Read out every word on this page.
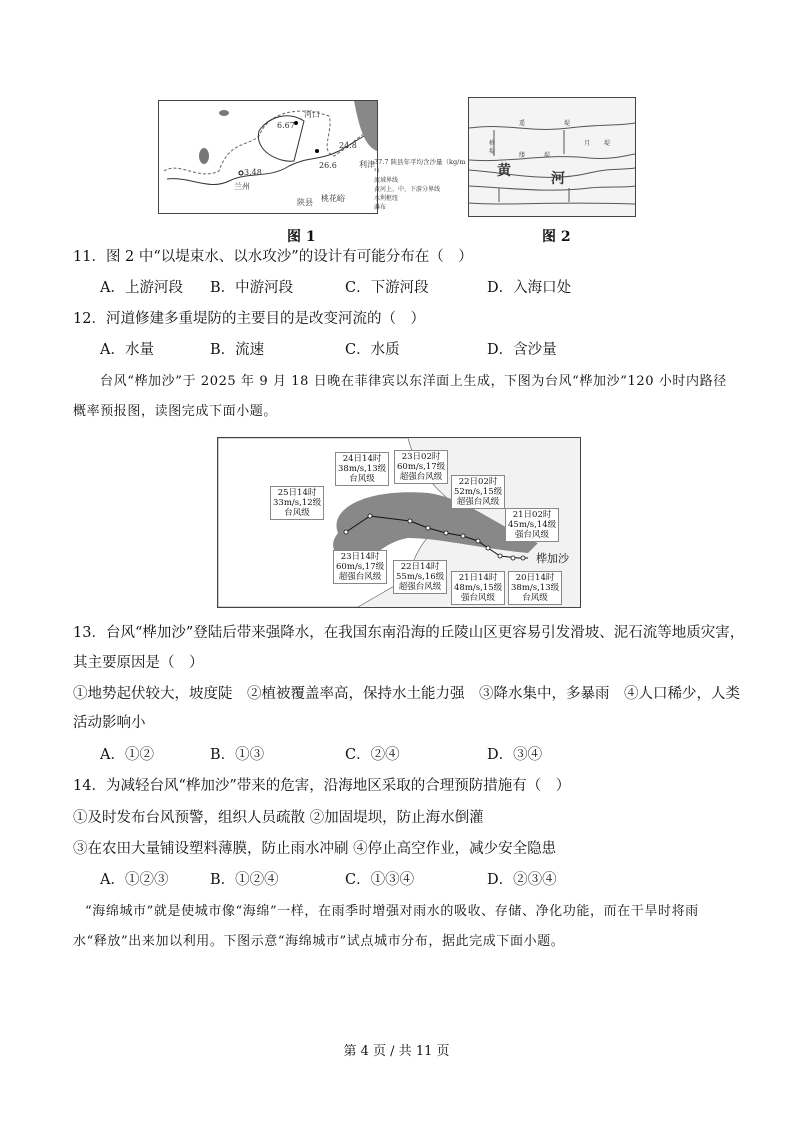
6.67
3.48
24.8
26.6
桃花峪
陕县
兰州
利津
河口
37.7 陕县年平均含沙量（kg/m³）
流域界线
黄河上、中、下游分界线
水利枢纽
瀑布
图 1
黄	河
遥	堤
格
堤
缕	堤
月 堤
图 2
11．图 2 中“以堤束水、以水攻沙”的设计有可能分布在（　）
A．上游河段 B．中游河段	C．下游河段	D．入海口处
12．河道修建多重堤防的主要目的是改变河流的（　）
A．水量	B．流速	C．水质	D．含沙量
台风“桦加沙”于 2025 年 9 月 18 日晚在菲律宾以东洋面上生成，下图为台风“桦加沙”120 小时内路径
概率预报图，读图完成下面小题。
24日14时
38m/s,13级
台风级
23日02时
60m/s,17级
超强台风级
25日14时
33m/s,12级
台风级
22日02时
52m/s,15级
超强台风级
21日02时
45m/s,14级
强台风级
23日14时
60m/s,17级
超强台风级
22日14时
55m/s,16级
超强台风级
21日14时
48m/s,15级
强台风级
20日14时
38m/s,13级
台风级
桦加沙
13．台风“桦加沙”登陆后带来强降水，在我国东南沿海的丘陵山区更容易引发滑坡、泥石流等地质灾害，
其主要原因是（　）
①地势起伏较大，坡度陡　②植被覆盖率高，保持水土能力强　③降水集中，多暴雨　④人口稀少，人类
活动影响小
A．①②	B．①③	C．②④	D．③④
14．为减轻台风“桦加沙”带来的危害，沿海地区采取的合理预防措施有（　）
①及时发布台风预警，组织人员疏散 ②加固堤坝，防止海水倒灌
③在农田大量铺设塑料薄膜，防止雨水冲刷 ④停止高空作业，减少安全隐患
A．①②③	B．①②④	C．①③④	D．②③④
“海绵城市”就是使城市像“海绵”一样，在雨季时增强对雨水的吸收、存储、净化功能，而在干旱时将雨
水“释放”出来加以利用。下图示意“海绵城市”试点城市分布，据此完成下面小题。
第 4 页 / 共 11 页
